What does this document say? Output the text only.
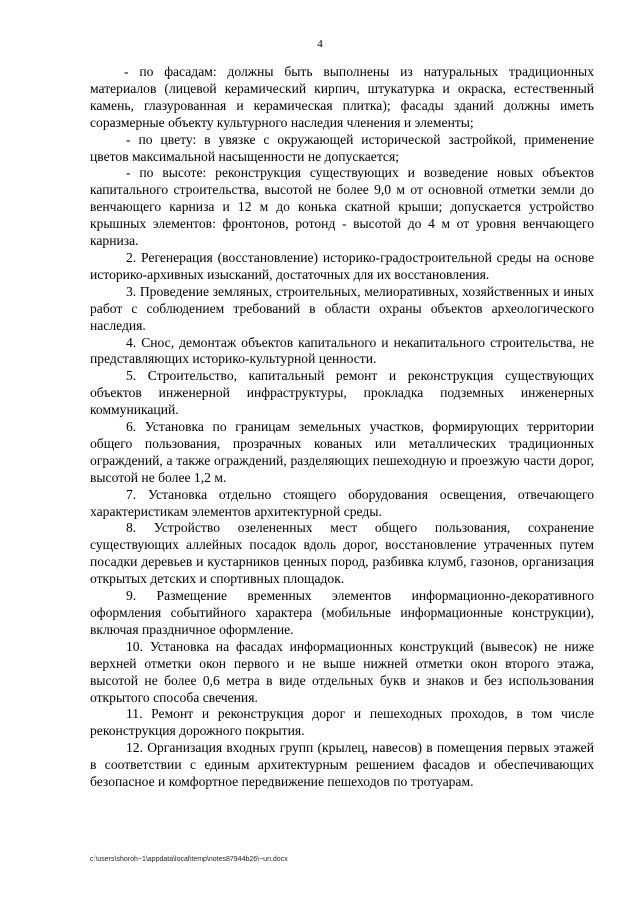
4

- по фасадам: должны быть выполнены из натуральных традиционных материалов (лицевой керамический кирпич, штукатурка и окраска, естественный камень, глазурованная и керамическая плитка); фасады зданий должны иметь соразмерные объекту культурного наследия членения и элементы;

- по цвету: в увязке с окружающей исторической застройкой, применение цветов максимальной насыщенности не допускается;

- по высоте: реконструкция существующих и возведение новых объектов капитального строительства, высотой не более 9,0 м от основной отметки земли до венчающего карниза и 12 м до конька скатной крыши; допускается устройство крышных элементов: фронтонов, ротонд - высотой до 4 м от уровня венчающего карниза.

2. Регенерация (восстановление) историко-градостроительной среды на основе историко-архивных изысканий, достаточных для их восстановления.

3. Проведение земляных, строительных, мелиоративных, хозяйственных и иных работ с соблюдением требований в области охраны объектов археологического наследия.

4. Снос, демонтаж объектов капитального и некапитального строительства, не представляющих историко-культурной ценности.

5. Строительство, капитальный ремонт и реконструкция существующих объектов инженерной инфраструктуры, прокладка подземных инженерных коммуникаций.

6. Установка по границам земельных участков, формирующих территории общего пользования, прозрачных кованых или металлических традиционных ограждений, а также ограждений, разделяющих пешеходную и проезжую части дорог, высотой не более 1,2 м.

7. Установка отдельно стоящего оборудования освещения, отвечающего характеристикам элементов архитектурной среды.

8. Устройство озелененных мест общего пользования, сохранение существующих аллейных посадок вдоль дорог, восстановление утраченных путем посадки деревьев и кустарников ценных пород, разбивка клумб, газонов, организация открытых детских и спортивных площадок.

9. Размещение временных элементов информационно-декоративного оформления событийного характера (мобильные информационные конструкции), включая праздничное оформление.

10. Установка на фасадах информационных конструкций (вывесок) не ниже верхней отметки окон первого и не выше нижней отметки окон второго этажа, высотой не более 0,6 метра в виде отдельных букв и знаков и без использования открытого способа свечения.

11. Ремонт и реконструкция дорог и пешеходных проходов, в том числе реконструкция дорожного покрытия.

12. Организация входных групп (крылец, навесов) в помещения первых этажей в соответствии с единым архитектурным решением фасадов и обеспечивающих безопасное и комфортное передвижение пешеходов по тротуарам.

c:\users\shoroh~1\appdata\local\temp\notes87944b26\~un.docx
